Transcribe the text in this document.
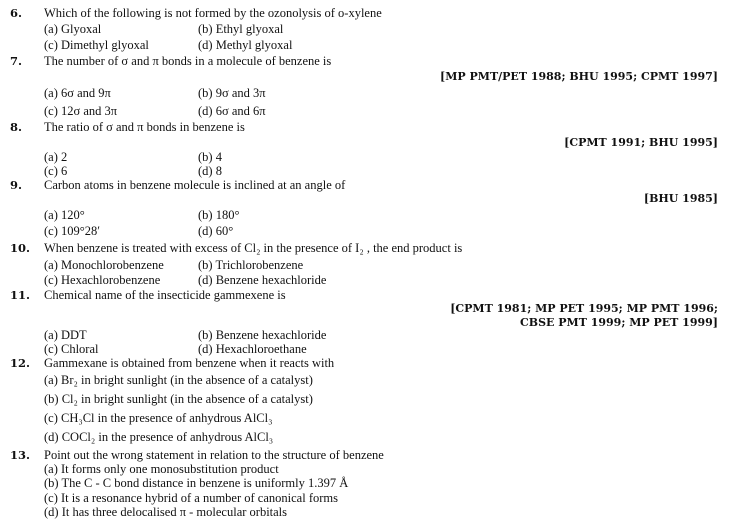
6. Which of the following is not formed by the ozonolysis of o-xylene
(a) Glyoxal	(b) Ethyl glyoxal
(c) Dimethyl glyoxal	(d) Methyl glyoxal
7. The number of σ and π bonds in a molecule of benzene is
[MP PMT/PET 1988; BHU 1995; CPMT 1997]
(a) 6σ and 9π	(b) 9σ and 3π
(c) 12σ and 3π	(d) 6σ and 6π
8. The ratio of σ and π bonds in benzene is
[CPMT 1991; BHU 1995]
(a) 2	(b) 4
(c) 6	(d) 8
9. Carbon atoms in benzene molecule is inclined at an angle of
[BHU 1985]
(a) 120°	(b) 180°
(c) 109°28′	(d) 60°
10. When benzene is treated with excess of Cl₂ in the presence of I₂ , the end product is
(a) Monochlorobenzene	(b) Trichlorobenzene
(c) Hexachlorobenzene	(d) Benzene hexachloride
11. Chemical name of the insecticide gammexene is
[CPMT 1981; MP PET 1995; MP PMT 1996;
CBSE PMT 1999; MP PET 1999]
(a) DDT	(b) Benzene hexachloride
(c) Chloral	(d) Hexachloroethane
12. Gammexane is obtained from benzene when it reacts with
(a) Br₂ in bright sunlight (in the absence of a catalyst)
(b) Cl₂ in bright sunlight (in the absence of a catalyst)
(c) CH₃Cl in the presence of anhydrous AlCl₃
(d) COCl₂ in the presence of anhydrous AlCl₃
13. Point out the wrong statement in relation to the structure of benzene
(a) It forms only one monosubstitution product
(b) The C - C bond distance in benzene is uniformly 1.397 Å
(c) It is a resonance hybrid of a number of canonical forms
(d) It has three delocalised π - molecular orbitals
